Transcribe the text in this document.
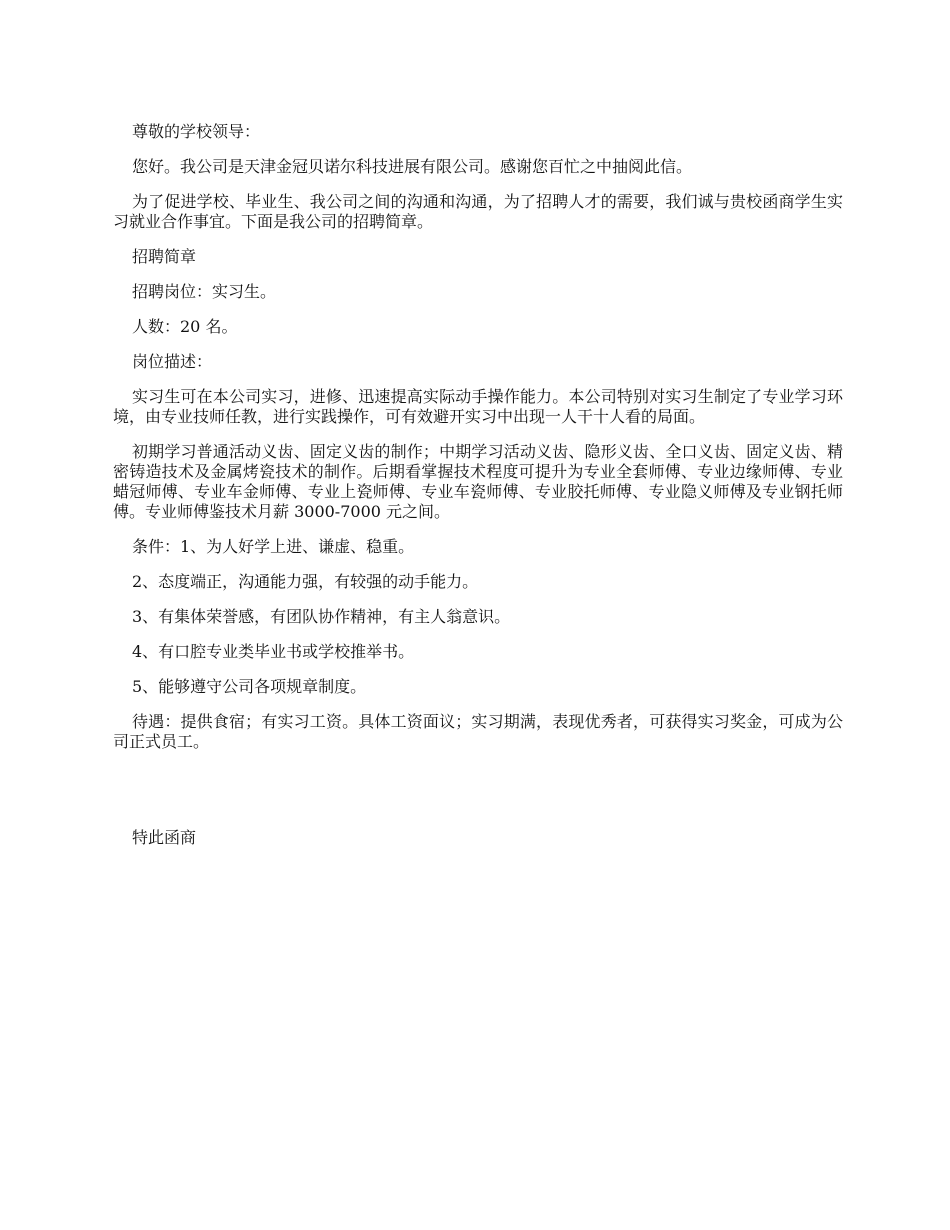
尊敬的学校领导：

您好。我公司是天津金冠贝诺尔科技进展有限公司。感谢您百忙之中抽阅此信。

为了促进学校、毕业生、我公司之间的沟通和沟通，为了招聘人才的需要，我们诚与贵校函商学生实习就业合作事宜。下面是我公司的招聘简章。

招聘简章

招聘岗位：实习生。

人数：20 名。

岗位描述：

实习生可在本公司实习，进修、迅速提高实际动手操作能力。本公司特别对实习生制定了专业学习环境，由专业技师任教，进行实践操作，可有效避开实习中出现一人干十人看的局面。

初期学习普通活动义齿、固定义齿的制作；中期学习活动义齿、隐形义齿、全口义齿、固定义齿、精密铸造技术及金属烤瓷技术的制作。后期看掌握技术程度可提升为专业全套师傅、专业边缘师傅、专业蜡冠师傅、专业车金师傅、专业上瓷师傅、专业车瓷师傅、专业胶托师傅、专业隐义师傅及专业钢托师傅。专业师傅鉴技术月薪 3000-7000 元之间。

条件：1、为人好学上进、谦虚、稳重。

2、态度端正，沟通能力强，有较强的动手能力。

3、有集体荣誉感，有团队协作精神，有主人翁意识。

4、有口腔专业类毕业书或学校推举书。

5、能够遵守公司各项规章制度。

待遇：提供食宿；有实习工资。具体工资面议；实习期满，表现优秀者，可获得实习奖金，可成为公司正式员工。

特此函商
